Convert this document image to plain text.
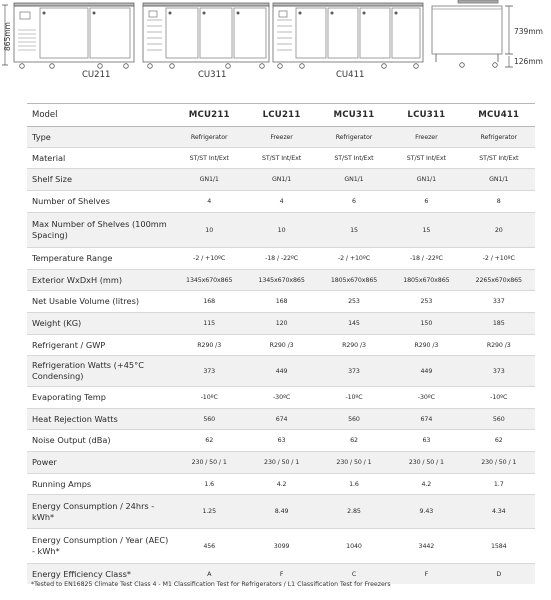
865mm	739mm
126mm
CU211	CU311	CU411
Model	MCU211	LCU211	MCU311	LCU311	MCU411
Type	Refrigerator	Freezer	Refrigerator	Freezer	Refrigerator
Material	ST/ST Int/Ext	ST/ST Int/Ext	ST/ST Int/Ext	ST/ST Int/Ext	ST/ST Int/Ext
Shelf Size	GN1/1	GN1/1	GN1/1	GN1/1	GN1/1
Number of Shelves	4	4	6	6	8
Max Number of Shelves (100mm Spacing)	10	10	15	15	20
Temperature Range	-2 / +10ºC	-18 / -22ºC	-2 / +10ºC	-18 / -22ºC	-2 / +10ºC
Exterior WxDxH (mm)	1345x670x865	1345x670x865	1805x670x865	1805x670x865	2265x670x865
Net Usable Volume (litres)	168	168	253	253	337
Weight (KG)	115	120	145	150	185
Refrigerant / GWP	R290 /3	R290 /3	R290 /3	R290 /3	R290 /3
Refrigeration Watts (+45°C Condensing)	373	449	373	449	373
Evaporating Temp	-10ºC	-30ºC	-10ºC	-30ºC	-10ºC
Heat Rejection Watts	560	674	560	674	560
Noise Output (dBa)	62	63	62	63	62
Power	230 / 50 / 1	230 / 50 / 1	230 / 50 / 1	230 / 50 / 1	230 / 50 / 1
Running Amps	1.6	4.2	1.6	4.2	1.7
Energy Consumption / 24hrs - kWh*	1.25	8.49	2.85	9.43	4.34
Energy Consumption / Year (AEC) - kWh*	456	3099	1040	3442	1584
Energy Efficiency Class*	A	F	C	F	D
*Tested to EN16825 Climate Test Class 4 - M1 Classification Test for Refrigerators / L1 Classification Test for Freezers
